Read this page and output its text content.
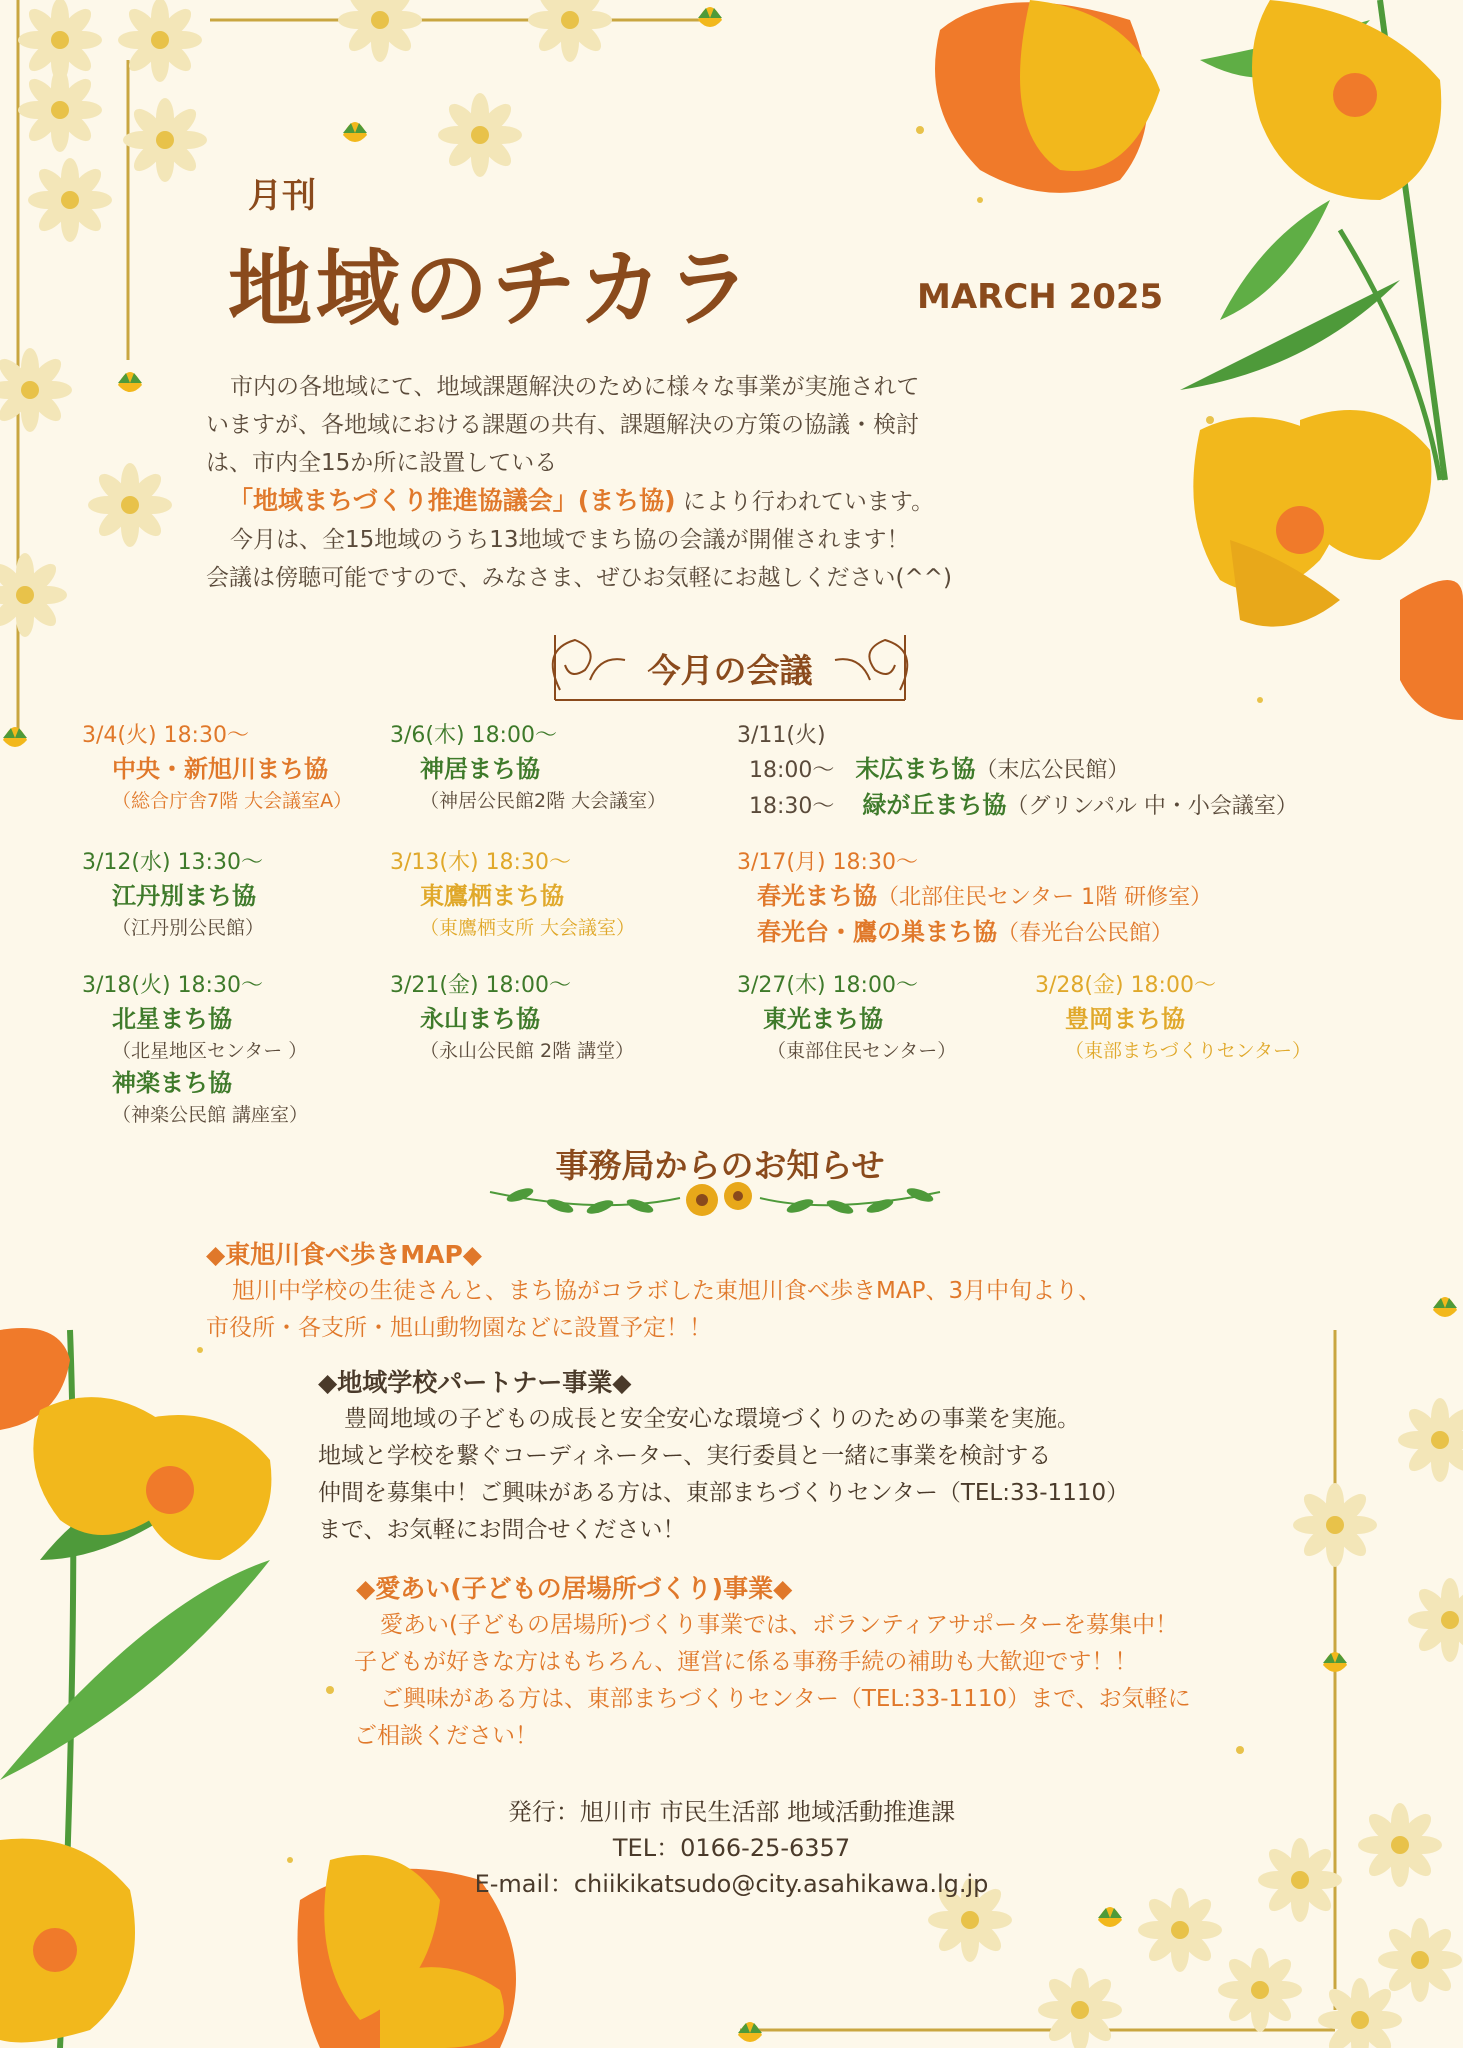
月刊
地域のチカラ	MARCH 2025
市内の各地域にて、地域課題解決のために様々な事業が実施されて
いますが、各地域における課題の共有、課題解決の方策の協議・検討
は、市内全15か所に設置している
「地域まちづくり推進協議会」(まち協) により行われています。
今月は、全15地域のうち13地域でまち協の会議が開催されます！
会議は傍聴可能ですので、みなさま、ぜひお気軽にお越しください(^^)
今月の会議
3/4(火) 18:30〜
中央・新旭川まち協
（総合庁舎7階 大会議室A）
3/6(木) 18:00〜
神居まち協
（神居公民館2階 大会議室）
3/11(火)
18:00〜 末広まち協（末広公民館）
18:30〜 緑が丘まち協（グリンパル 中・小会議室）
3/12(水) 13:30〜
江丹別まち協
（江丹別公民館）
3/13(木) 18:30〜
東鷹栖まち協
（東鷹栖支所 大会議室）
3/17(月) 18:30〜
春光まち協（北部住民センター 1階 研修室）
春光台・鷹の巣まち協（春光台公民館）
3/18(火) 18:30〜
北星まち協
（北星地区センター ）
神楽まち協
（神楽公民館 講座室）
3/21(金) 18:00〜
永山まち協
（永山公民館 2階 講堂）
3/27(木) 18:00〜
東光まち協
（東部住民センター）
3/28(金) 18:00〜
豊岡まち協
（東部まちづくりセンター）
事務局からのお知らせ
◆東旭川食べ歩きMAP◆
旭川中学校の生徒さんと、まち協がコラボした東旭川食べ歩きMAP、3月中旬より、
市役所・各支所・旭山動物園などに設置予定！！
◆地域学校パートナー事業◆
豊岡地域の子どもの成長と安全安心な環境づくりのための事業を実施。
地域と学校を繋ぐコーディネーター、実行委員と一緒に事業を検討する
仲間を募集中！ご興味がある方は、東部まちづくりセンター（TEL:33-1110）
まで、お気軽にお問合せください！
◆愛あい(子どもの居場所づくり)事業◆
愛あい(子どもの居場所)づくり事業では、ボランティアサポーターを募集中！
子どもが好きな方はもちろん、運営に係る事務手続の補助も大歓迎です！！
ご興味がある方は、東部まちづくりセンター（TEL:33-1110）まで、お気軽に
ご相談ください！
発行：旭川市 市民生活部 地域活動推進課
TEL：0166-25-6357
E-mail：chiikikatsudo@city.asahikawa.lg.jp
